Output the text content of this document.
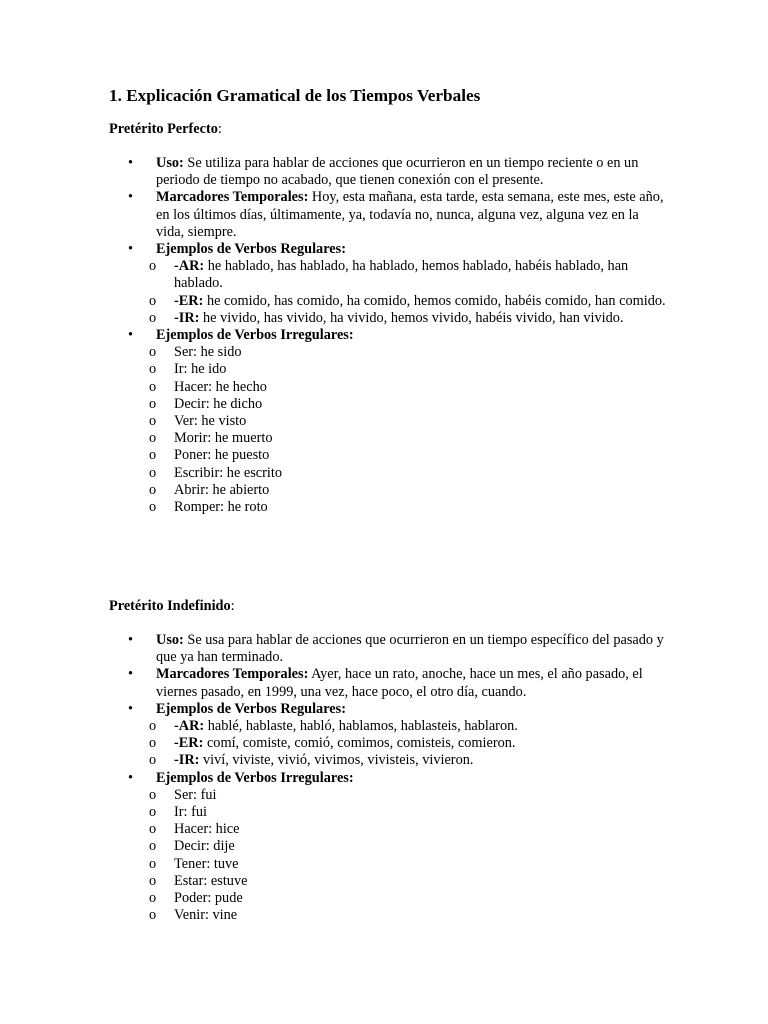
1. Explicación Gramatical de los Tiempos Verbales

Pretérito Perfecto:

• Uso: Se utiliza para hablar de acciones que ocurrieron en un tiempo reciente o en un periodo de tiempo no acabado, que tienen conexión con el presente.
• Marcadores Temporales: Hoy, esta mañana, esta tarde, esta semana, este mes, este año, en los últimos días, últimamente, ya, todavía no, nunca, alguna vez, alguna vez en la vida, siempre.
• Ejemplos de Verbos Regulares:
o -AR: he hablado, has hablado, ha hablado, hemos hablado, habéis hablado, han hablado.
o -ER: he comido, has comido, ha comido, hemos comido, habéis comido, han comido.
o -IR: he vivido, has vivido, ha vivido, hemos vivido, habéis vivido, han vivido.
• Ejemplos de Verbos Irregulares:
o Ser: he sido
o Ir: he ido
o Hacer: he hecho
o Decir: he dicho
o Ver: he visto
o Morir: he muerto
o Poner: he puesto
o Escribir: he escrito
o Abrir: he abierto
o Romper: he roto

Pretérito Indefinido:

• Uso: Se usa para hablar de acciones que ocurrieron en un tiempo específico del pasado y que ya han terminado.
• Marcadores Temporales: Ayer, hace un rato, anoche, hace un mes, el año pasado, el viernes pasado, en 1999, una vez, hace poco, el otro día, cuando.
• Ejemplos de Verbos Regulares:
o -AR: hablé, hablaste, habló, hablamos, hablasteis, hablaron.
o -ER: comí, comiste, comió, comimos, comisteis, comieron.
o -IR: viví, viviste, vivió, vivimos, vivisteis, vivieron.
• Ejemplos de Verbos Irregulares:
o Ser: fui
o Ir: fui
o Hacer: hice
o Decir: dije
o Tener: tuve
o Estar: estuve
o Poder: pude
o Venir: vine
